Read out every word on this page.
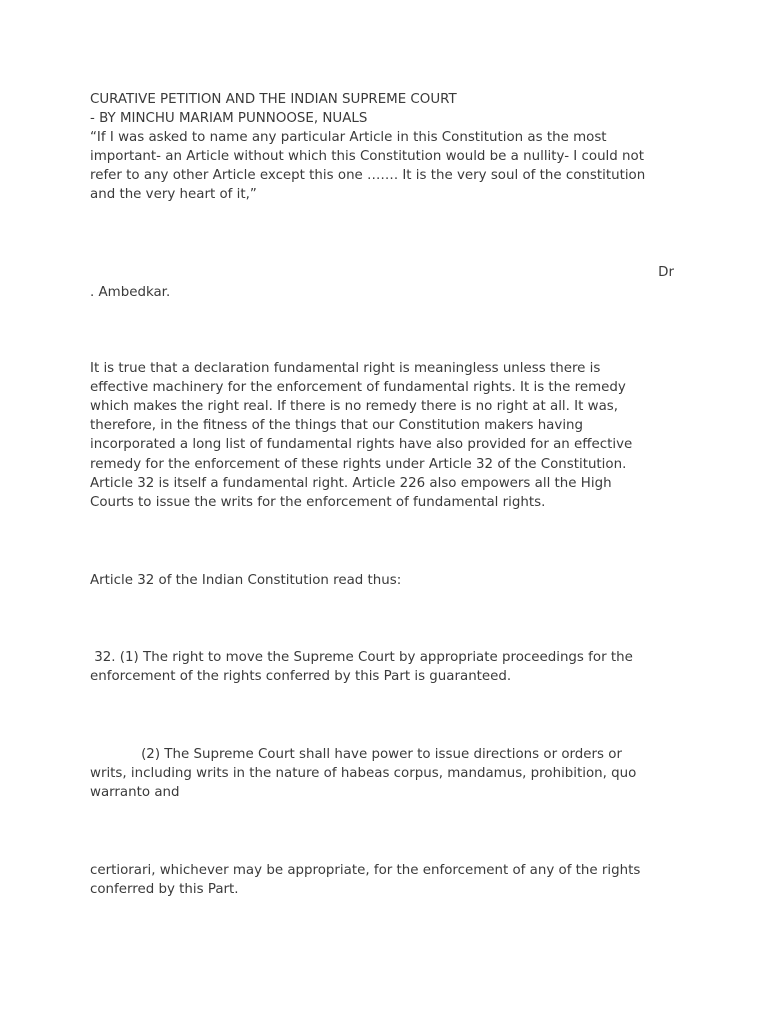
CURATIVE PETITION AND THE INDIAN SUPREME COURT
- BY MINCHU MARIAM PUNNOOSE, NUALS
“If I was asked to name any particular Article in this Constitution as the most
important- an Article without which this Constitution would be a nullity- I could not
refer to any other Article except this one ……. It is the very soul of the constitution
and the very heart of it,”
Dr
. Ambedkar.
It is true that a declaration fundamental right is meaningless unless there is
effective machinery for the enforcement of fundamental rights. It is the remedy
which makes the right real. If there is no remedy there is no right at all. It was,
therefore, in the fitness of the things that our Constitution makers having
incorporated a long list of fundamental rights have also provided for an effective
remedy for the enforcement of these rights under Article 32 of the Constitution.
Article 32 is itself a fundamental right. Article 226 also empowers all the High
Courts to issue the writs for the enforcement of fundamental rights.
Article 32 of the Indian Constitution read thus:
32. (1) The right to move the Supreme Court by appropriate proceedings for the
enforcement of the rights conferred by this Part is guaranteed.
(2) The Supreme Court shall have power to issue directions or orders or
writs, including writs in the nature of habeas corpus, mandamus, prohibition, quo
warranto and
certiorari, whichever may be appropriate, for the enforcement of any of the rights
conferred by this Part.
